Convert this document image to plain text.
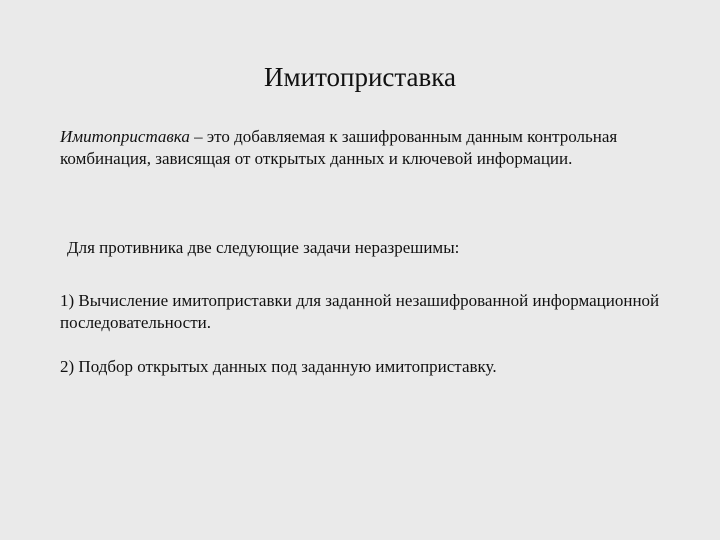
Имитоприставка

Имитоприставка – это добавляемая к зашифрованным данным контрольная комбинация, зависящая от открытых данных и ключевой информации.

Для противника две следующие задачи неразрешимы:

1) Вычисление имитоприставки для заданной незашифрованной информационной последовательности.

2) Подбор открытых данных под заданную имитоприставку.
